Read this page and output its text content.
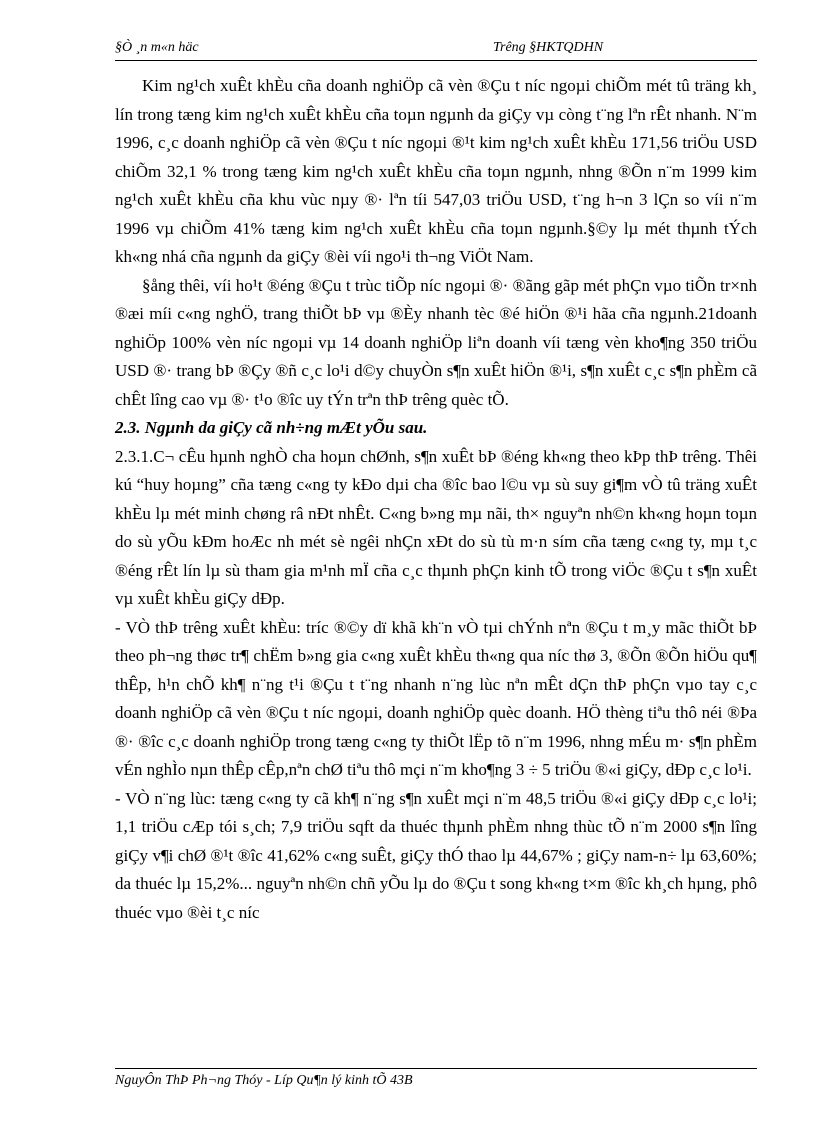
§Ò ¸n m«n häc	Trêng §HKTQDHN

Kim ng¹ch xuÊt khÈu cña doanh nghiÖp cã vèn ®Çu t níc ngoµi chiÕm mét tû träng kh¸ lín trong tæng kim ng¹ch xuÊt khÈu cña toµn ngµnh da giÇy vµ còng t¨ng lªn rÊt nhanh. N¨m 1996, c¸c doanh nghiÖp cã vèn ®Çu t níc ngoµi ®¹t kim ng¹ch xuÊt khÈu 171,56 triÖu USD chiÕm 32,1 % trong tæng kim ng¹ch xuÊt khÈu cña toµn ngµnh, nhng ®Õn n¨m 1999 kim ng¹ch xuÊt khÈu cña khu vùc nµy ®· lªn tíi 547,03 triÖu USD, t¨ng h¬n 3 lÇn so víi n¨m 1996 vµ chiÕm 41% tæng kim ng¹ch xuÊt khÈu cña toµn ngµnh.§©y lµ mét thµnh tÝch kh«ng nhá cña ngµnh da giÇy ®èi víi ngo¹i th¬ng ViÖt Nam.

§ång thêi, víi ho¹t ®éng ®Çu t trùc tiÕp níc ngoµi ®· ®ãng gãp mét phÇn vµo tiÕn tr×nh ®æi míi c«ng nghÖ, trang thiÕt bÞ vµ ®Èy nhanh tèc ®é hiÖn ®¹i hãa cña ngµnh.21doanh nghiÖp 100% vèn níc ngoµi vµ 14 doanh nghiÖp liªn doanh víi tæng vèn kho¶ng 350 triÖu USD ®· trang bÞ ®Çy ®ñ c¸c lo¹i d©y chuyÒn s¶n xuÊt hiÖn ®¹i, s¶n xuÊt c¸c s¶n phÈm cã chÊt lîng cao vµ ®· t¹o ®îc uy tÝn trªn thÞ trêng quèc tÕ.

2.3. Ngµnh da giÇy cã nh÷ng mÆt yÕu sau.

2.3.1.C¬ cÊu hµnh nghÒ cha hoµn chØnh, s¶n xuÊt bÞ ®éng kh«ng theo kÞp thÞ trêng. Thêi kú “huy hoµng” cña tæng c«ng ty kÐo dµi cha ®îc bao l©u vµ sù suy gi¶m vÒ tû träng xuÊt khÈu lµ mét minh chøng râ nÐt nhÊt. C«ng b»ng mµ nãi, th× nguyªn nh©n kh«ng hoµn toµn do sù yÕu kÐm hoÆc nh mét sè ngêi nhÇn xÐt do sù tù m·n sím cña tæng c«ng ty, mµ t¸c ®éng rÊt lín lµ sù tham gia m¹nh mÏ cña c¸c thµnh phÇn kinh tÕ trong viÖc ®Çu t s¶n xuÊt vµ xuÊt khÈu giÇy dÐp.

- VÒ thÞ trêng xuÊt khÈu: tríc ®©y dï khã kh¨n vÒ tµi chÝnh nªn ®Çu t m¸y mãc thiÕt bÞ theo ph¬ng thøc tr¶ chËm b»ng gia c«ng xuÊt khÈu th«ng qua níc thø 3, ®Õn ®Õn hiÖu qu¶ thÊp, h¹n chÕ kh¶ n¨ng t¹i ®Çu t t¨ng nhanh n¨ng lùc nªn mÊt dÇn thÞ phÇn vµo tay c¸c doanh nghiÖp cã vèn ®Çu t níc ngoµi, doanh nghiÖp quèc doanh. HÖ thèng tiªu thô néi ®Þa ®· ®îc c¸c doanh nghiÖp trong tæng c«ng ty thiÕt lËp tõ n¨m 1996, nhng mÉu m· s¶n phÈm vÉn nghÌo nµn thÊp cÊp,nªn chØ tiªu thô mçi n¨m kho¶ng 3 ÷ 5 triÖu ®«i giÇy, dÐp c¸c lo¹i.

- VÒ n¨ng lùc: tæng c«ng ty cã kh¶ n¨ng s¶n xuÊt mçi n¨m 48,5 triÖu ®«i giÇy dÐp c¸c lo¹i; 1,1 triÖu cÆp tói s¸ch; 7,9 triÖu sqft da thuéc thµnh phÈm nhng thùc tÕ n¨m 2000 s¶n lîng giÇy v¶i chØ ®¹t ®îc 41,62% c«ng suÊt, giÇy thÓ thao lµ 44,67% ; giÇy nam-n÷ lµ 63,60%; da thuéc lµ 15,2%... nguyªn nh©n chñ yÕu lµ do ®Çu t song kh«ng t×m ®îc kh¸ch hµng, phô thuéc vµo ®èi t¸c níc

NguyÔn ThÞ Ph¬ng Thóy - Líp Qu¶n lý kinh tÕ 43B
